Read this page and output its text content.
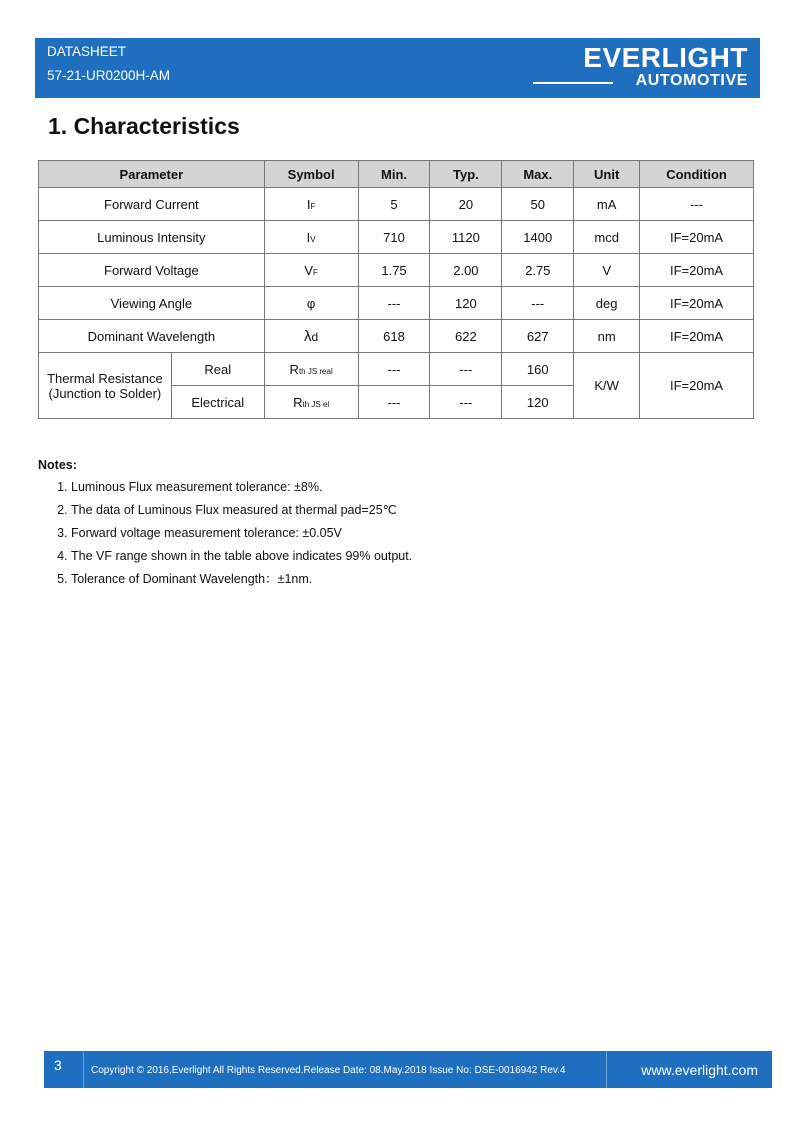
DATASHEET
57-21-UR0200H-AM
EVERLIGHT
AUTOMOTIVE
1. Characteristics
Parameter		Symbol	Min.	Typ.	Max.	Unit	Condition
Forward Current		IF	5	20	50	mA	---
Luminous Intensity		IV	710	1120	1400	mcd	IF=20mA
Forward Voltage		VF	1.75	2.00	2.75	V	IF=20mA
Viewing Angle		φ	---	120	---	deg	IF=20mA
Dominant Wavelength		λd	618	622	627	nm	IF=20mA

Thermal Resistance
(Junction to Solder)	Real	Rth JS real	---	---	160	K/W	IF=20mA
	Electrical	Rth JS el	---	---	120		
Notes:
1. Luminous Flux measurement tolerance: ±8%.
2. The data of Luminous Flux measured at thermal pad=25℃
3. Forward voltage measurement tolerance: ±0.05V
4. The VF range shown in the table above indicates 99% output.
5. Tolerance of Dominant Wavelength：±1nm.
3	Copyright © 2016,Everlight All Rights Reserved.Release Date: 08.May.2018 Issue No: DSE-0016942 Rev.4	www.everlight.com
